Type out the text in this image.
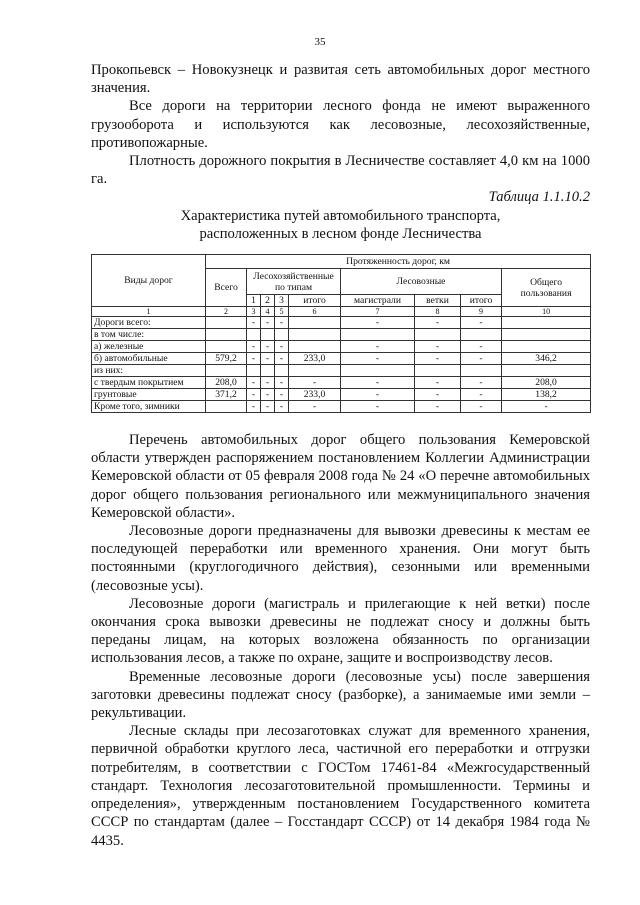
35

Прокопьевск – Новокузнецк и развитая сеть автомобильных дорог местного значения.

Все дороги на территории лесного фонда не имеют выраженного грузооборота и используются как лесовозные, лесохозяйственные, противопожарные.

Плотность дорожного покрытия в Лесничестве составляет 4,0 км на 1000 га.

Таблица 1.1.10.2

Характеристика путей автомобильного транспорта,

расположенных в лесном фонде Лесничества

Виды дорог	Протяженность дорог, км								
	Всего	Лесохозяйственные по типам				Лесовозные			Общего пользования
		1	2	3	итого	магистрали	ветки	итого	
1	2	3	4	5	6	7	8	9	10
Дороги всего:		-	-	-		-	-	-	
в том числе:									
а) железные		-	-	-		-	-	-	
б) автомобильные	579,2	-	-	-	233,0	-	-	-	346,2
из них:									
с твердым покрытием	208,0	-	-	-	-	-	-	-	208,0
грунтовые	371,2	-	-	-	233,0	-	-	-	138,2
Кроме того, зимники		-	-	-	-	-	-	-	-

Перечень автомобильных дорог общего пользования Кемеровской области утвержден распоряжением постановлением Коллегии Администрации Кемеровской области от 05 февраля 2008 года № 24 «О перечне автомобильных дорог общего пользования регионального или межмуниципального значения Кемеровской области».

Лесовозные дороги предназначены для вывозки древесины к местам ее последующей переработки или временного хранения. Они могут быть постоянными (круглогодичного действия), сезонными или временными (лесовозные усы).

Лесовозные дороги (магистраль и прилегающие к ней ветки) после окончания срока вывозки древесины не подлежат сносу и должны быть переданы лицам, на которых возложена обязанность по организации использования лесов, а также по охране, защите и воспроизводству лесов.

Временные лесовозные дороги (лесовозные усы) после завершения заготовки древесины подлежат сносу (разборке), а занимаемые ими земли – рекультивации.

Лесные склады при лесозаготовках служат для временного хранения, первичной обработки круглого леса, частичной его переработки и отгрузки потребителям, в соответствии с ГОСТом 17461-84 «Межгосударственный стандарт. Технология лесозаготовительной промышленности. Термины и определения», утвержденным постановлением Государственного комитета СССР по стандартам (далее – Госстандарт СССР) от 14 декабря 1984 года № 4435.
